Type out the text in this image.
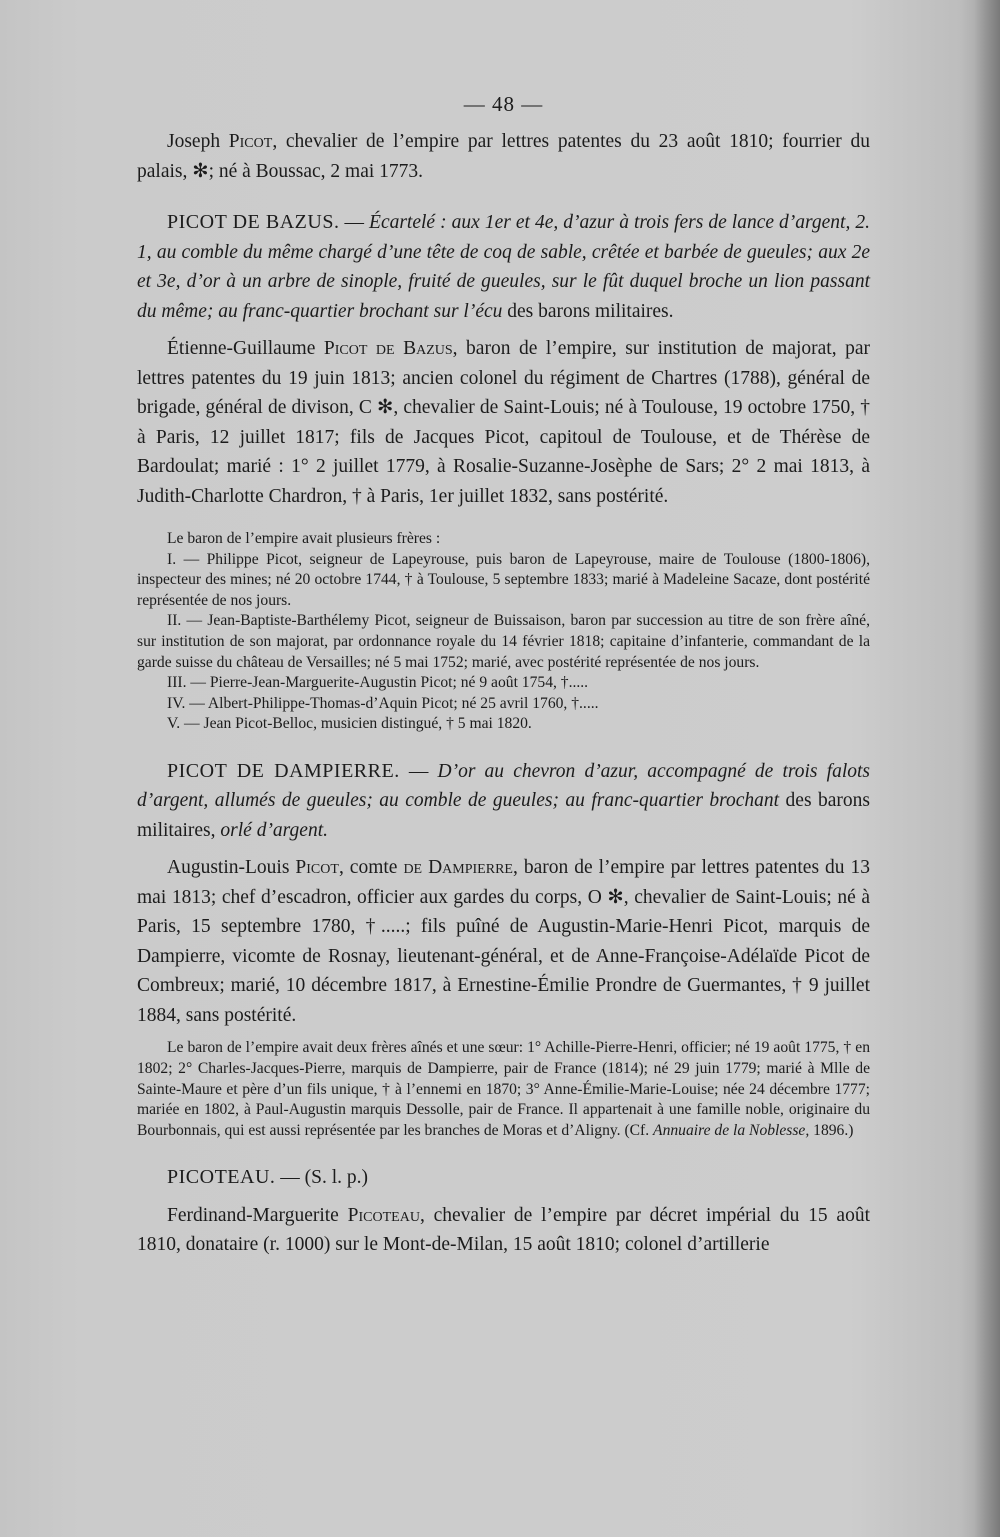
— 48 —

Joseph Picot, chevalier de l’empire par lettres patentes du 23 août 1810; fourrier du palais, ✻; né à Boussac, 2 mai 1773.

PICOT DE BAZUS. — Écartelé : aux 1er et 4e, d’azur à trois fers de lance d’argent, 2. 1, au comble du même chargé d’une tête de coq de sable, crêtée et barbée de gueules; aux 2e et 3e, d’or à un arbre de sinople, fruité de gueules, sur le fût duquel broche un lion passant du même; au franc-quartier brochant sur l’écu des barons militaires.

Étienne-Guillaume Picot de Bazus, baron de l’empire, sur institution de majorat, par lettres patentes du 19 juin 1813; ancien colonel du régiment de Chartres (1788), général de brigade, général de divison, C ✻, chevalier de Saint-Louis; né à Toulouse, 19 octobre 1750, † à Paris, 12 juillet 1817; fils de Jacques Picot, capitoul de Toulouse, et de Thérèse de Bardoulat; marié : 1° 2 juillet 1779, à Rosalie-Suzanne-Josèphe de Sars; 2° 2 mai 1813, à Judith-Charlotte Chardron, † à Paris, 1er juillet 1832, sans postérité.

Le baron de l’empire avait plusieurs frères :

I. — Philippe Picot, seigneur de Lapeyrouse, puis baron de Lapeyrouse, maire de Toulouse (1800-1806), inspecteur des mines; né 20 octobre 1744, † à Toulouse, 5 septembre 1833; marié à Madeleine Sacaze, dont postérité représentée de nos jours.

II. — Jean-Baptiste-Barthélemy Picot, seigneur de Buissaison, baron par succession au titre de son frère aîné, sur institution de son majorat, par ordonnance royale du 14 février 1818; capitaine d’infanterie, commandant de la garde suisse du château de Versailles; né 5 mai 1752; marié, avec postérité représentée de nos jours.

III. — Pierre-Jean-Marguerite-Augustin Picot; né 9 août 1754, †.....

IV. — Albert-Philippe-Thomas-d’Aquin Picot; né 25 avril 1760, †.....

V. — Jean Picot-Belloc, musicien distingué, † 5 mai 1820.

PICOT DE DAMPIERRE. — D’or au chevron d’azur, accompagné de trois falots d’argent, allumés de gueules; au comble de gueules; au franc-quartier brochant des barons militaires, orlé d’argent.

Augustin-Louis Picot, comte de Dampierre, baron de l’empire par lettres patentes du 13 mai 1813; chef d’escadron, officier aux gardes du corps, O ✻, chevalier de Saint-Louis; né à Paris, 15 septembre 1780, †.....; fils puîné de Augustin-Marie-Henri Picot, marquis de Dampierre, vicomte de Rosnay, lieutenant-général, et de Anne-Françoise-Adélaïde Picot de Combreux; marié, 10 décembre 1817, à Ernestine-Émilie Prondre de Guermantes, † 9 juillet 1884, sans postérité.

Le baron de l’empire avait deux frères aînés et une sœur: 1° Achille-Pierre-Henri, officier; né 19 août 1775, † en 1802; 2° Charles-Jacques-Pierre, marquis de Dampierre, pair de France (1814); né 29 juin 1779; marié à Mlle de Sainte-Maure et père d’un fils unique, † à l’ennemi en 1870; 3° Anne-Émilie-Marie-Louise; née 24 décembre 1777; mariée en 1802, à Paul-Augustin marquis Dessolle, pair de France. Il appartenait à une famille noble, originaire du Bourbonnais, qui est aussi représentée par les branches de Moras et d’Aligny. (Cf. Annuaire de la Noblesse, 1896.)

PICOTEAU. — (S. l. p.)

Ferdinand-Marguerite Picoteau, chevalier de l’empire par décret impérial du 15 août 1810, donataire (r. 1000) sur le Mont-de-Milan, 15 août 1810; colonel d’artillerie
